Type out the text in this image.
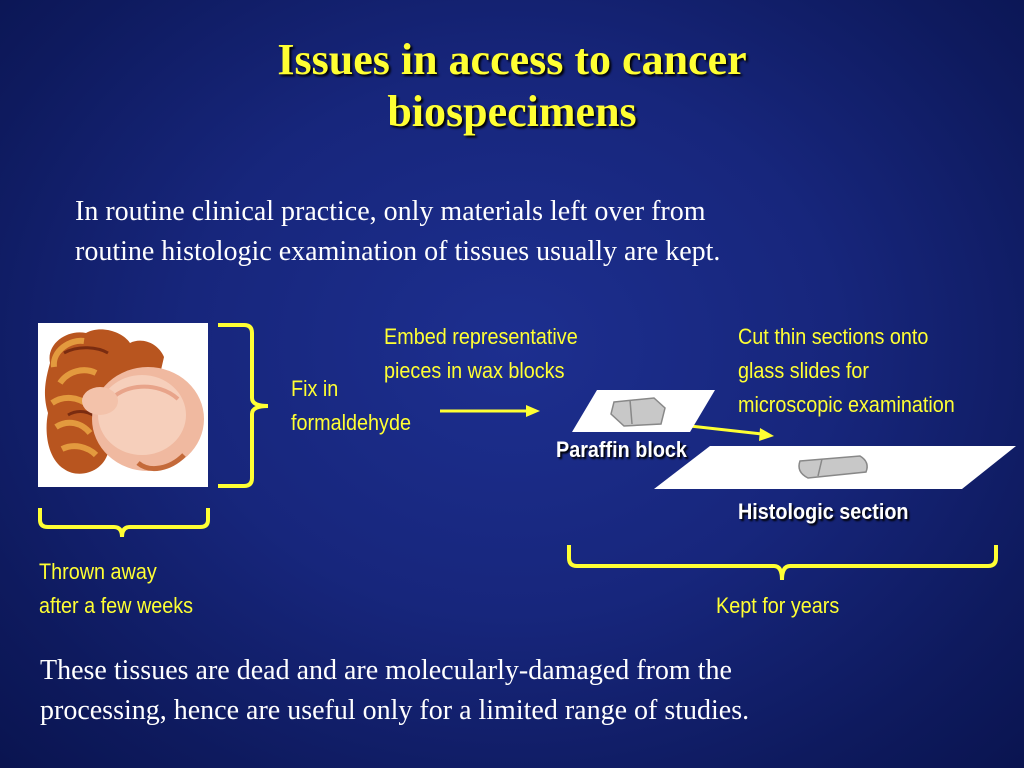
Issues in access to cancer
biospecimens
In routine clinical practice, only materials left over from
routine histologic examination of tissues usually are kept.
Fix in
formaldehyde
Embed representative
pieces in wax blocks
Cut thin sections onto
glass slides for
microscopic examination
Paraffin block
Histologic section
Thrown away
after a few weeks	Kept for years
These tissues are dead and are molecularly-damaged from the
processing, hence are useful only for a limited range of studies.
